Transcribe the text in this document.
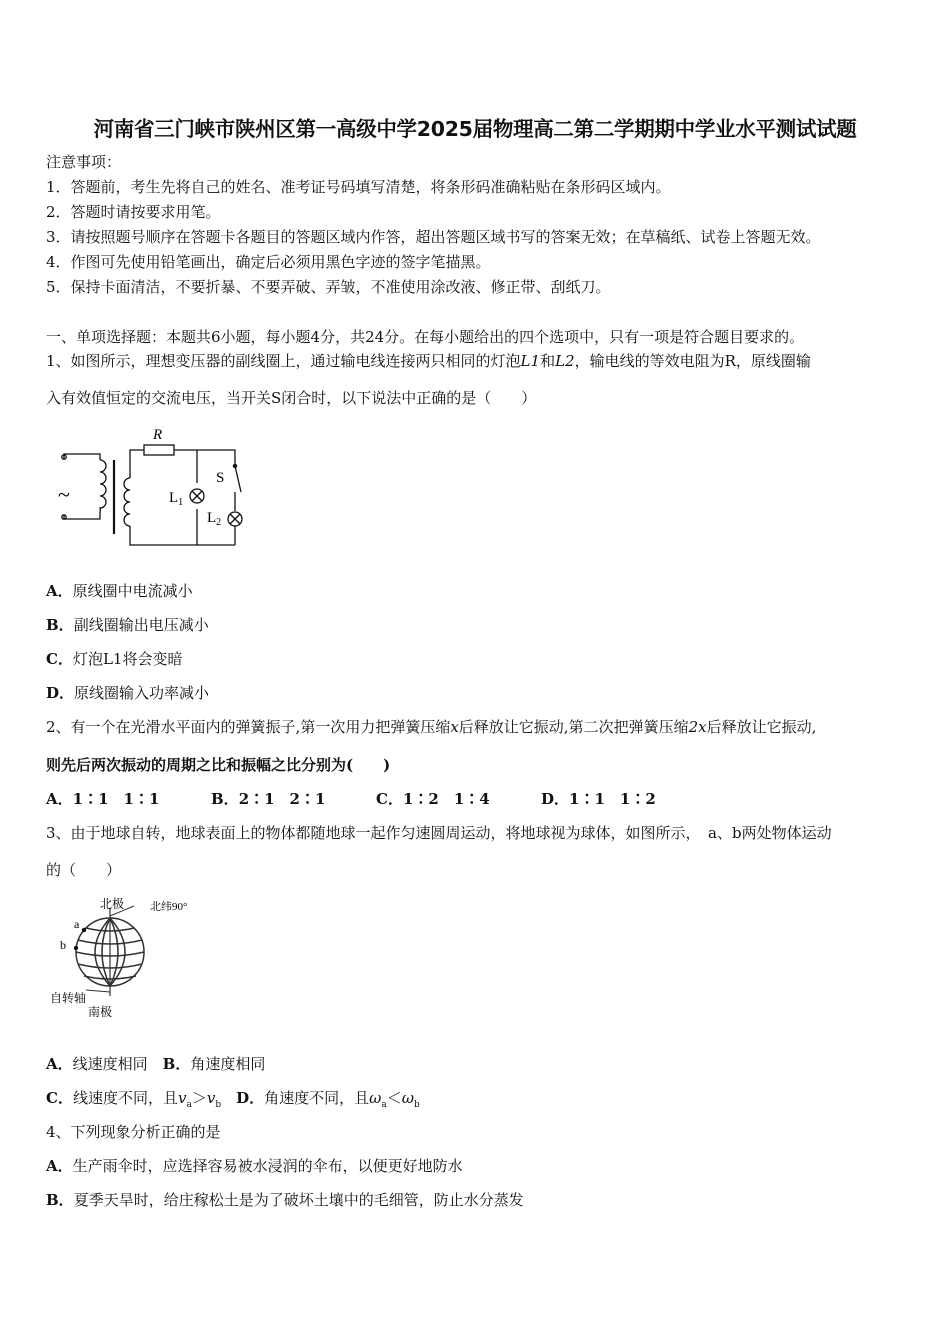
河南省三门峡市陕州区第一高级中学2025届物理高二第二学期期中学业水平测试试题
注意事项：
1．答题前，考生先将自己的姓名、准考证号码填写清楚，将条形码准确粘贴在条形码区域内。
2．答题时请按要求用笔。
3．请按照题号顺序在答题卡各题目的答题区域内作答，超出答题区域书写的答案无效；在草稿纸、试卷上答题无效。
4．作图可先使用铅笔画出，确定后必须用黑色字迹的签字笔描黑。
5．保持卡面清洁，不要折暴、不要弄破、弄皱，不准使用涂改液、修正带、刮纸刀。
一、单项选择题：本题共6小题，每小题4分，共24分。在每小题给出的四个选项中，只有一项是符合题目要求的。
1、如图所示，理想变压器的副线圈上，通过输电线连接两只相同的灯泡L1和L2，输电线的等效电阻为R，原线圈输
入有效值恒定的交流电压，当开关S闭合时，以下说法中正确的是（　　）
~
R
$L_1$
S
$L_2$
A．原线圈中电流减小
B．副线圈输出电压减小
C．灯泡L1将会变暗
D．原线圈输入功率减小
2、有一个在光滑水平面内的弹簧振子,第一次用力把弹簧压缩x后释放让它振动,第二次把弹簧压缩2x后释放让它振动,
则先后两次振动的周期之比和振幅之比分别为(　　)
A．1∶1　1∶1	B．2∶1　2∶1	C．1∶2　1∶4	D．1∶1　1∶2
3、由于地球自转，地球表面上的物体都随地球一起作匀速圆周运动，将地球视为球体，如图所示，　a、b两处物体运动
的（　　）
北极 北纬90°
a
b
自转轴
南极
A．线速度相同　 B．角速度相同
C．线速度不同，且$v_a>v_b$　 D．角速度不同，且$\omega_a<\omega_b$
4、下列现象分析正确的是
A．生产雨伞时，应选择容易被水浸润的伞布，以便更好地防水
B．夏季天旱时，给庄稼松土是为了破坏土壤中的毛细管，防止水分蒸发
